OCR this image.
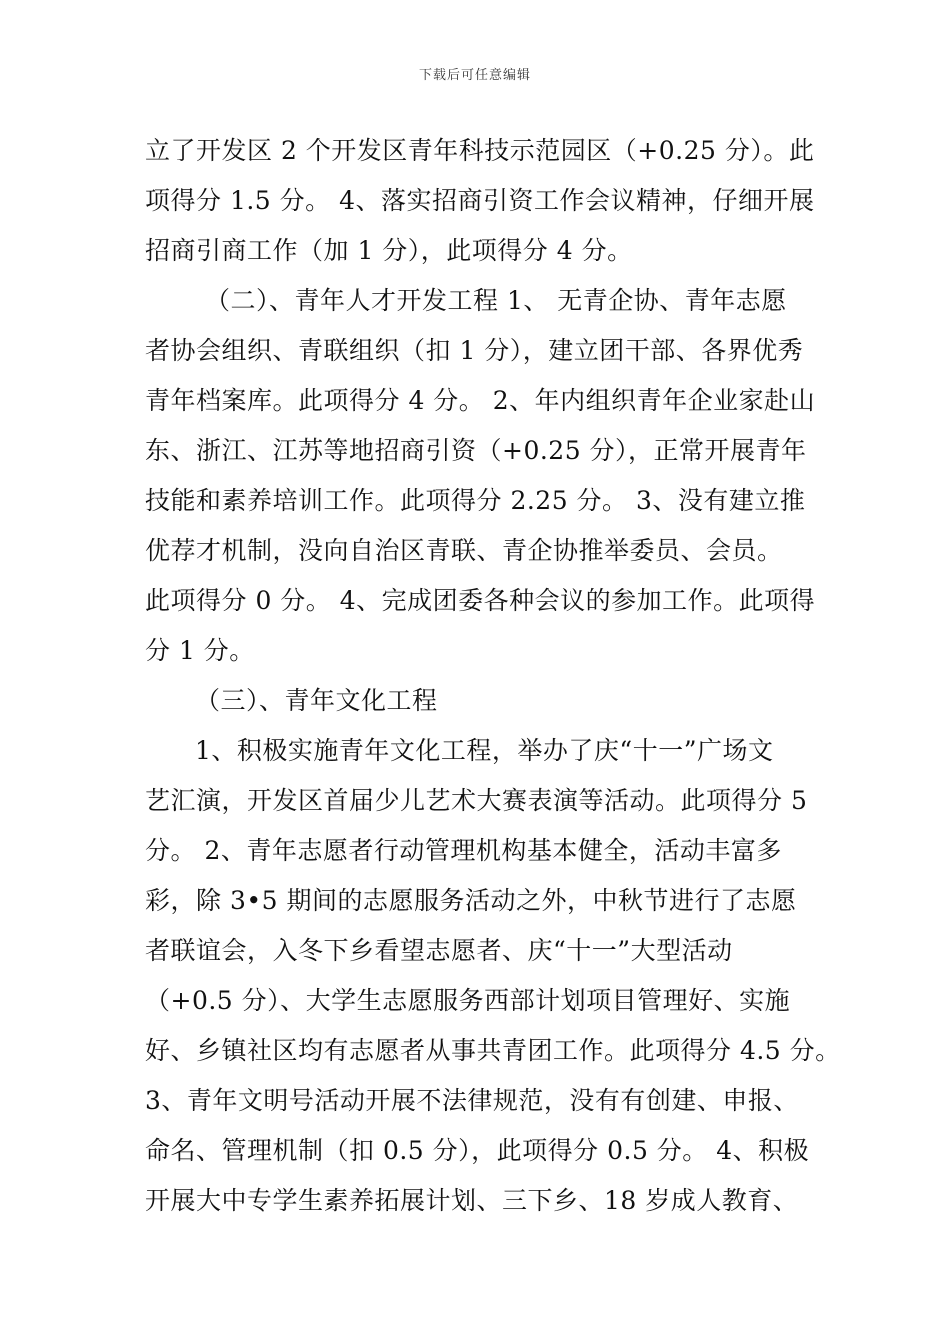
下载后可任意编辑
立了开发区 2 个开发区青年科技示范园区（+0.25 分）。此
项得分 1.5 分。 4、落实招商引资工作会议精神，仔细开展
招商引商工作（加 1 分），此项得分 4 分。
（二）、青年人才开发工程 1、 无青企协、青年志愿
者协会组织、青联组织（扣 1 分），建立团干部、各界优秀
青年档案库。此项得分 4 分。 2、年内组织青年企业家赴山
东、浙江、江苏等地招商引资（+0.25 分），正常开展青年
技能和素养培训工作。此项得分 2.25 分。 3、没有建立推
优荐才机制，没向自治区青联、青企协推举委员、会员。
此项得分 0 分。 4、完成团委各种会议的参加工作。此项得
分 1 分。
（三）、青年文化工程
1、积极实施青年文化工程，举办了庆“十一”广场文
艺汇演，开发区首届少儿艺术大赛表演等活动。此项得分 5
分。 2、青年志愿者行动管理机构基本健全，活动丰富多
彩，除 3•5 期间的志愿服务活动之外，中秋节进行了志愿
者联谊会，入冬下乡看望志愿者、庆“十一”大型活动
（+0.5 分）、大学生志愿服务西部计划项目管理好、实施
好、乡镇社区均有志愿者从事共青团工作。此项得分 4.5 分。
3、青年文明号活动开展不法律规范，没有有创建、申报、
命名、管理机制（扣 0.5 分），此项得分 0.5 分。 4、积极
开展大中专学生素养拓展计划、三下乡、18 岁成人教育、
